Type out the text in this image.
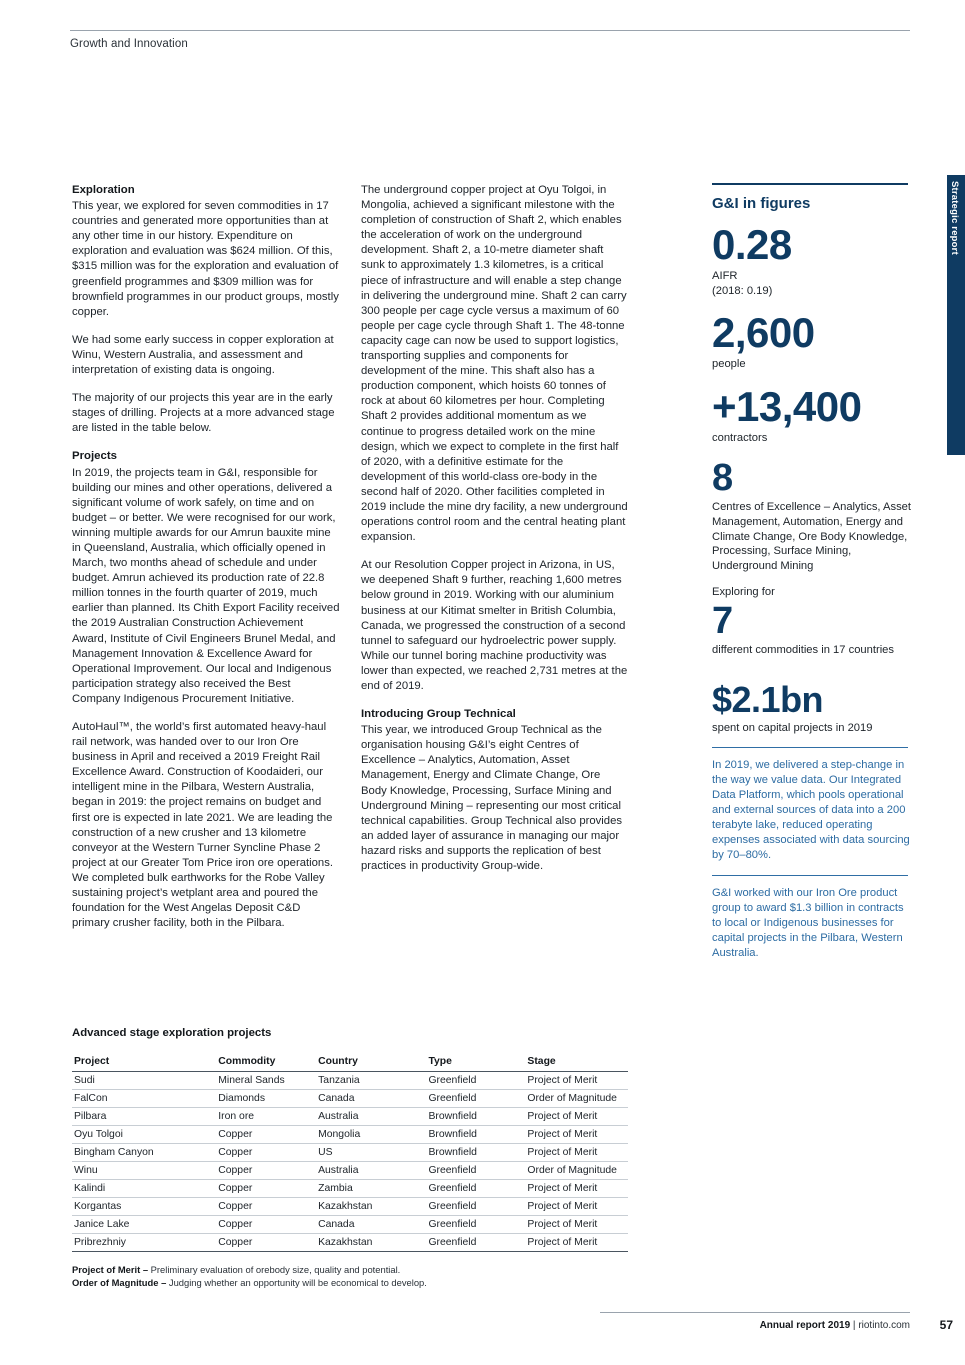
Growth and Innovation
Strategic report
Exploration

This year, we explored for seven commodities in 17 countries and generated more opportunities than at any other time in our history. Expenditure on exploration and evaluation was $624 million. Of this, $315 million was for the exploration and evaluation of greenfield programmes and $309 million was for brownfield programmes in our product groups, mostly copper.

We had some early success in copper exploration at Winu, Western Australia, and assessment and interpretation of existing data is ongoing.

The majority of our projects this year are in the early stages of drilling. Projects at a more advanced stage are listed in the table below.

Projects

In 2019, the projects team in G&I, responsible for building our mines and other operations, delivered a significant volume of work safely, on time and on budget – or better. We were recognised for our work, winning multiple awards for our Amrun bauxite mine in Queensland, Australia, which officially opened in March, two months ahead of schedule and under budget. Amrun achieved its production rate of 22.8 million tonnes in the fourth quarter of 2019, much earlier than planned. Its Chith Export Facility received the 2019 Australian Construction Achievement Award, Institute of Civil Engineers Brunel Medal, and Management Innovation & Excellence Award for Operational Improvement. Our local and Indigenous participation strategy also received the Best Company Indigenous Procurement Initiative.

AutoHaul™, the world’s first automated heavy-haul rail network, was handed over to our Iron Ore business in April and received a 2019 Freight Rail Excellence Award. Construction of Koodaideri, our intelligent mine in the Pilbara, Western Australia, began in 2019: the project remains on budget and first ore is expected in late 2021. We are leading the construction of a new crusher and 13 kilometre conveyor at the Western Turner Syncline Phase 2 project at our Greater Tom Price iron ore operations. We completed bulk earthworks for the Robe Valley sustaining project’s wetplant area and poured the foundation for the West Angelas Deposit C&D primary crusher facility, both in the Pilbara.

The underground copper project at Oyu Tolgoi, in Mongolia, achieved a significant milestone with the completion of construction of Shaft 2, which enables the acceleration of work on the underground development. Shaft 2, a 10-metre diameter shaft sunk to approximately 1.3 kilometres, is a critical piece of infrastructure and will enable a step change in delivering the underground mine. Shaft 2 can carry 300 people per cage cycle versus a maximum of 60 people per cage cycle through Shaft 1. The 48-tonne capacity cage can now be used to support logistics, transporting supplies and components for development of the mine. This shaft also has a production component, which hoists 60 tonnes of rock at about 60 kilometres per hour. Completing Shaft 2 provides additional momentum as we continue to progress detailed work on the mine design, which we expect to complete in the first half of 2020, with a definitive estimate for the development of this world-class ore-body in the second half of 2020. Other facilities completed in 2019 include the mine dry facility, a new underground operations control room and the central heating plant expansion.

At our Resolution Copper project in Arizona, in US, we deepened Shaft 9 further, reaching 1,600 metres below ground in 2019. Working with our aluminium business at our Kitimat smelter in British Columbia, Canada, we progressed the construction of a second tunnel to safeguard our hydroelectric power supply. While our tunnel boring machine productivity was lower than expected, we reached 2,731 metres at the end of 2019.

Introducing Group Technical

This year, we introduced Group Technical as the organisation housing G&I’s eight Centres of Excellence – Analytics, Automation, Asset Management, Energy and Climate Change, Ore Body Knowledge, Processing, Surface Mining and Underground Mining – representing our most critical technical capabilities. Group Technical also provides an added layer of assurance in managing our major hazard risks and supports the replication of best practices in productivity Group-wide.

G&I in figures
0.28
AIFR
(2018: 0.19)
2,600
people
+13,400
contractors
8
Centres of Excellence – Analytics, Asset Management, Automation, Energy and Climate Change, Ore Body Knowledge, Processing, Surface Mining, Underground Mining
Exploring for
7
different commodities in 17 countries
$2.1bn
spent on capital projects in 2019
In 2019, we delivered a step-change in the way we value data. Our Integrated Data Platform, which pools operational and external sources of data into a 200 terabyte lake, reduced operating expenses associated with data sourcing by 70–80%.
G&I worked with our Iron Ore product group to award $1.3 billion in contracts to local or Indigenous businesses for capital projects in the Pilbara, Western Australia.
Advanced stage exploration projects
Project	Commodity	Country	Type	Stage
Sudi	Mineral Sands	Tanzania	Greenfield	Project of Merit
FalCon	Diamonds	Canada	Greenfield	Order of Magnitude
Pilbara	Iron ore	Australia	Brownfield	Project of Merit
Oyu Tolgoi	Copper	Mongolia	Brownfield	Project of Merit
Bingham Canyon	Copper	US	Brownfield	Project of Merit
Winu	Copper	Australia	Greenfield	Order of Magnitude
Kalindi	Copper	Zambia	Greenfield	Project of Merit
Korgantas	Copper	Kazakhstan	Greenfield	Project of Merit
Janice Lake	Copper	Canada	Greenfield	Project of Merit
Pribrezhniy	Copper	Kazakhstan	Greenfield	Project of Merit
Project of Merit – Preliminary evaluation of orebody size, quality and potential.
Order of Magnitude – Judging whether an opportunity will be economical to develop.
Annual report 2019 | riotinto.com 57
